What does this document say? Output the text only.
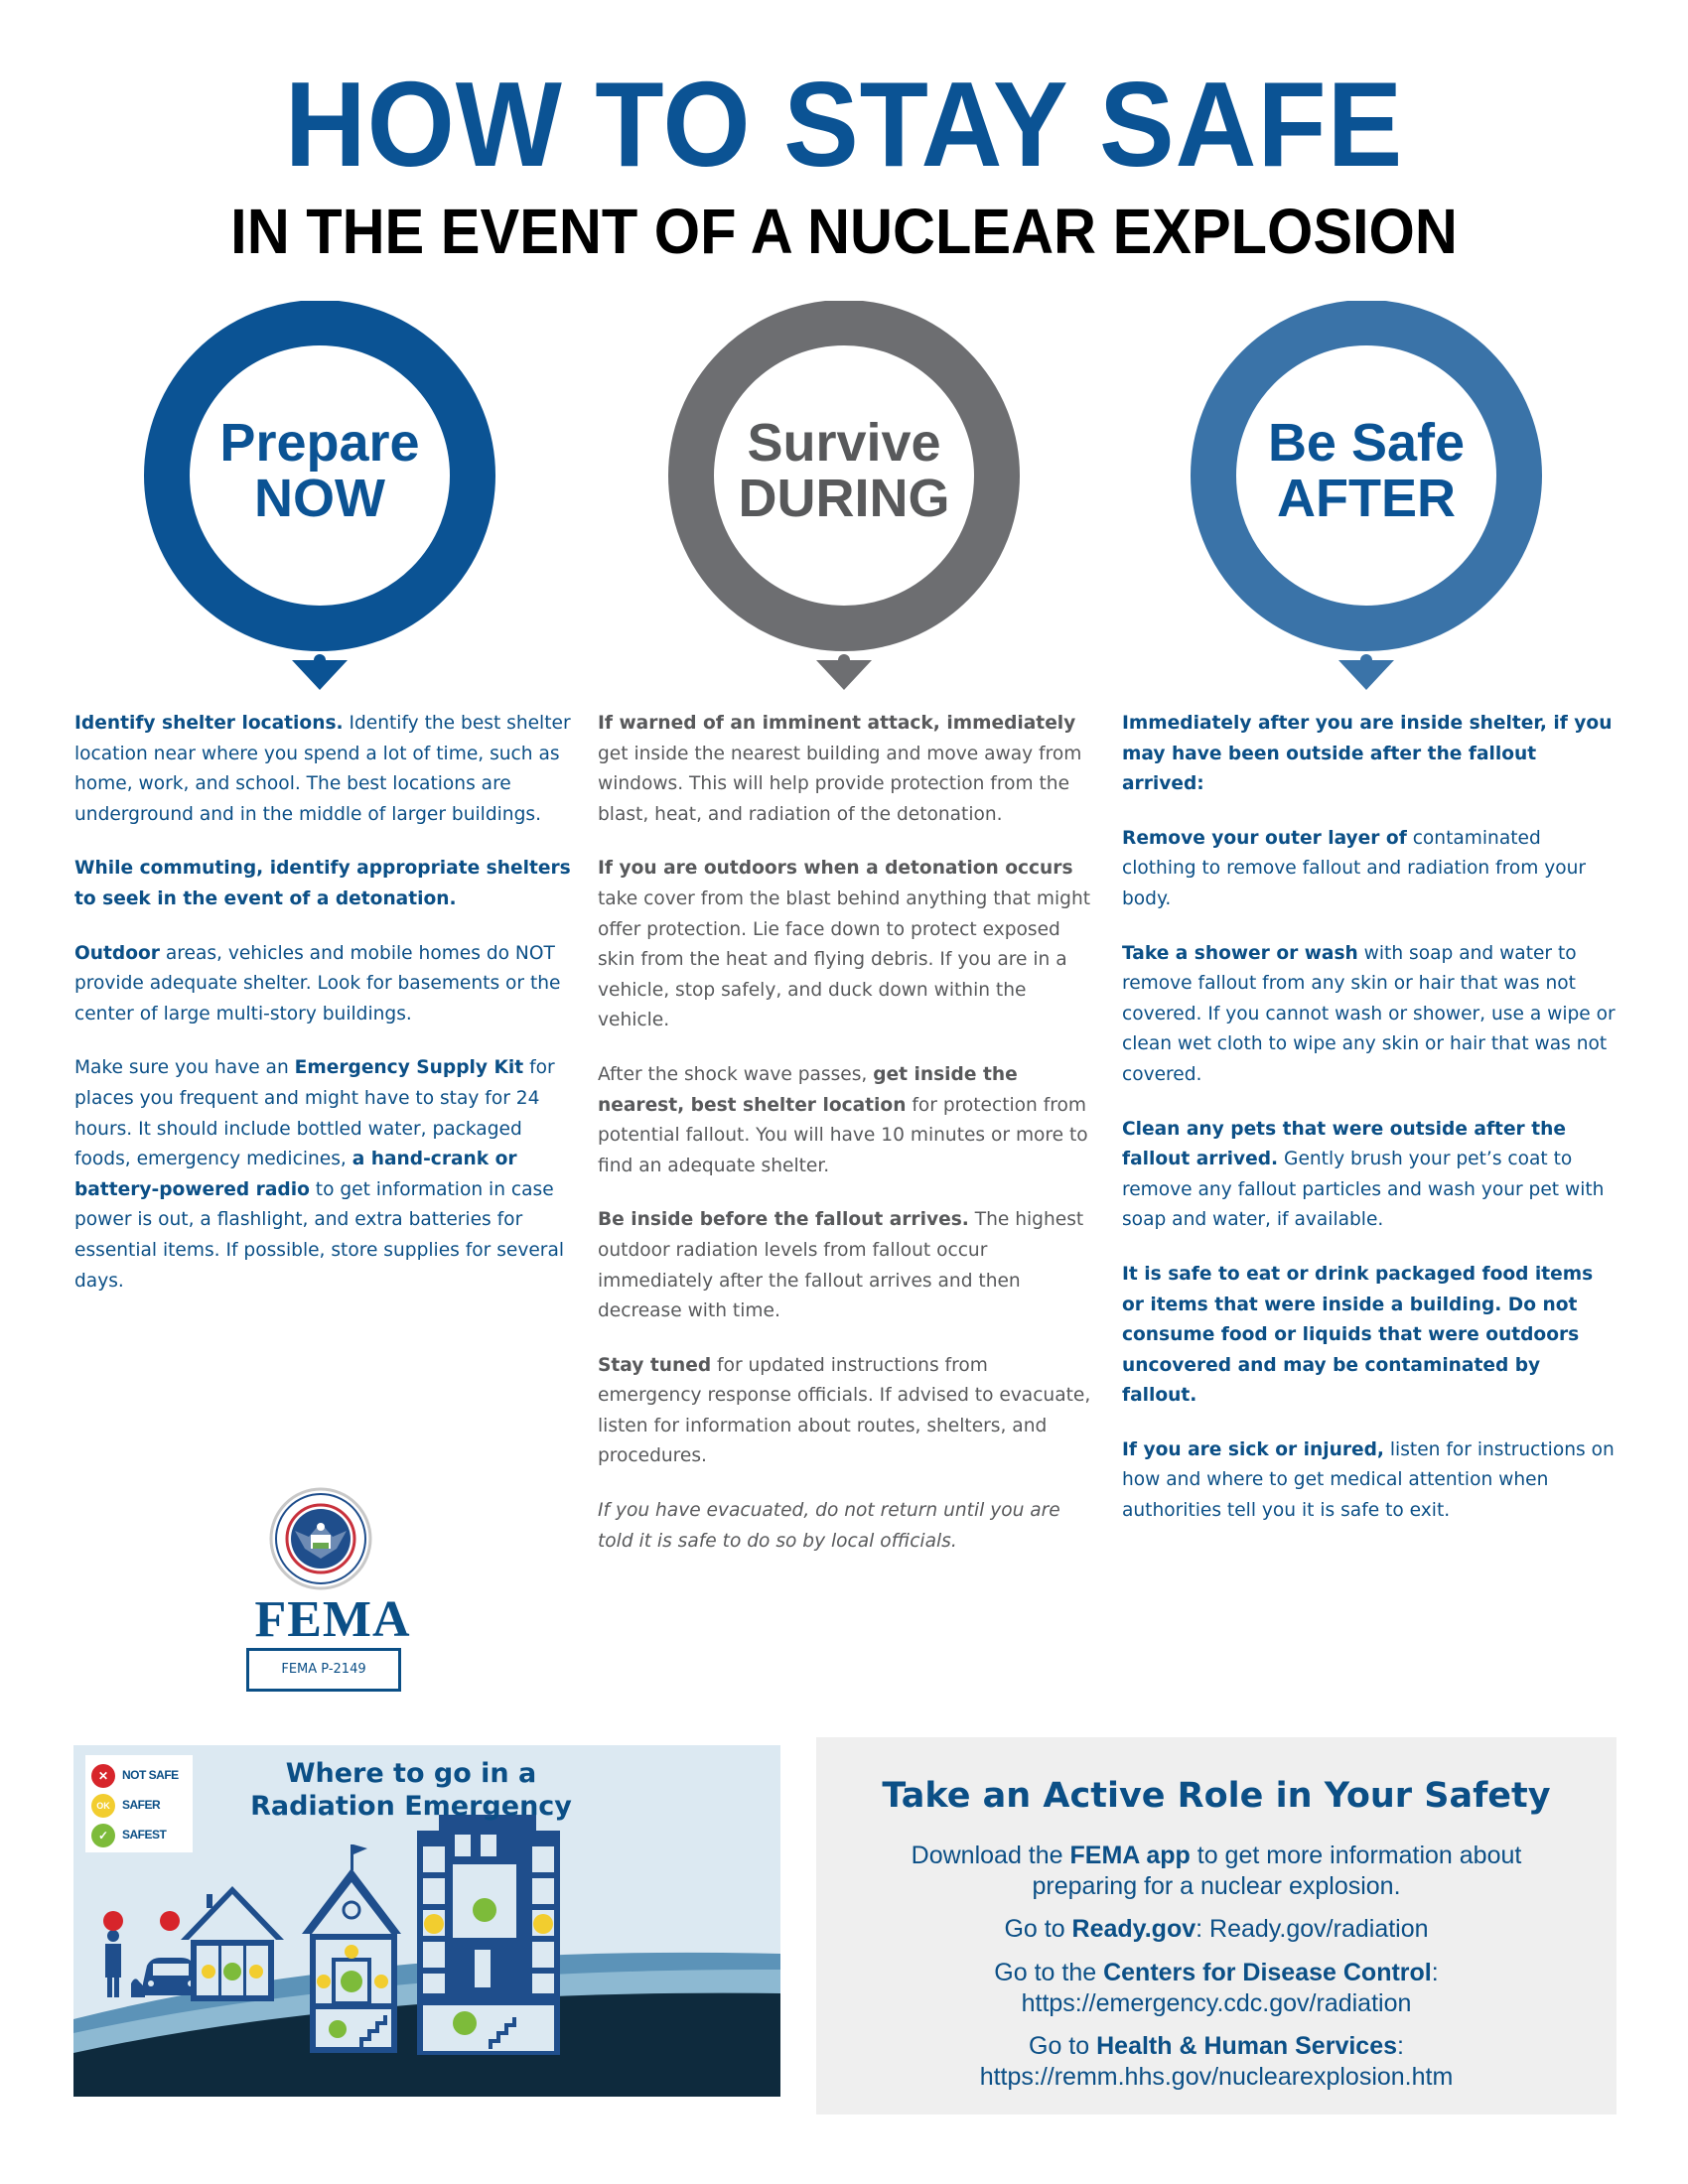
HOW TO STAY SAFE
IN THE EVENT OF A NUCLEAR EXPLOSION
Prepare
NOW
Survive
DURING
Be Safe
AFTER

Identify shelter locations. Identify the best shelter location near where you spend a lot of time, such as home, work, and school. The best locations are underground and in the middle of larger buildings.

While commuting, identify appropriate shelters to seek in the event of a detonation.

Outdoor areas, vehicles and mobile homes do NOT provide adequate shelter. Look for basements or the center of large multi-story buildings.

Make sure you have an Emergency Supply Kit for places you frequent and might have to stay for 24 hours. It should include bottled water, packaged foods, emergency medicines, a hand-crank or battery-powered radio to get information in case power is out, a flashlight, and extra batteries for essential items. If possible, store supplies for several days.

If warned of an imminent attack, immediately get inside the nearest building and move away from windows. This will help provide protection from the blast, heat, and radiation of the detonation.

If you are outdoors when a detonation occurs take cover from the blast behind anything that might offer protection. Lie face down to protect exposed skin from the heat and flying debris. If you are in a vehicle, stop safely, and duck down within the vehicle.

After the shock wave passes, get inside the nearest, best shelter location for protection from potential fallout. You will have 10 minutes or more to find an adequate shelter.

Be inside before the fallout arrives. The highest outdoor radiation levels from fallout occur immediately after the fallout arrives and then decrease with time.

Stay tuned for updated instructions from emergency response officials. If advised to evacuate, listen for information about routes, shelters, and procedures.

If you have evacuated, do not return until you are told it is safe to do so by local officials.

Immediately after you are inside shelter, if you may have been outside after the fallout arrived:

Remove your outer layer of contaminated clothing to remove fallout and radiation from your body.

Take a shower or wash with soap and water to remove fallout from any skin or hair that was not covered. If you cannot wash or shower, use a wipe or clean wet cloth to wipe any skin or hair that was not covered.

Clean any pets that were outside after the fallout arrived. Gently brush your pet’s coat to remove any fallout particles and wash your pet with soap and water, if available.

It is safe to eat or drink packaged food items or items that were inside a building. Do not consume food or liquids that were outdoors uncovered and may be contaminated by fallout.

If you are sick or injured, listen for instructions on how and where to get medical attention when authorities tell you it is safe to exit.

FEMA
FEMA P-2149
✕	NOT SAFE
OK	SAFER
✓	SAFEST
Where to go in a Radiation Emergency	Take an Active Role in Your Safety
Download the FEMA app to get more information about
preparing for a nuclear explosion.
Go to Ready.gov: Ready.gov/radiation
Go to the Centers for Disease Control:
https://emergency.cdc.gov/radiation
Go to Health & Human Services:
https://remm.hhs.gov/nuclearexplosion.htm
